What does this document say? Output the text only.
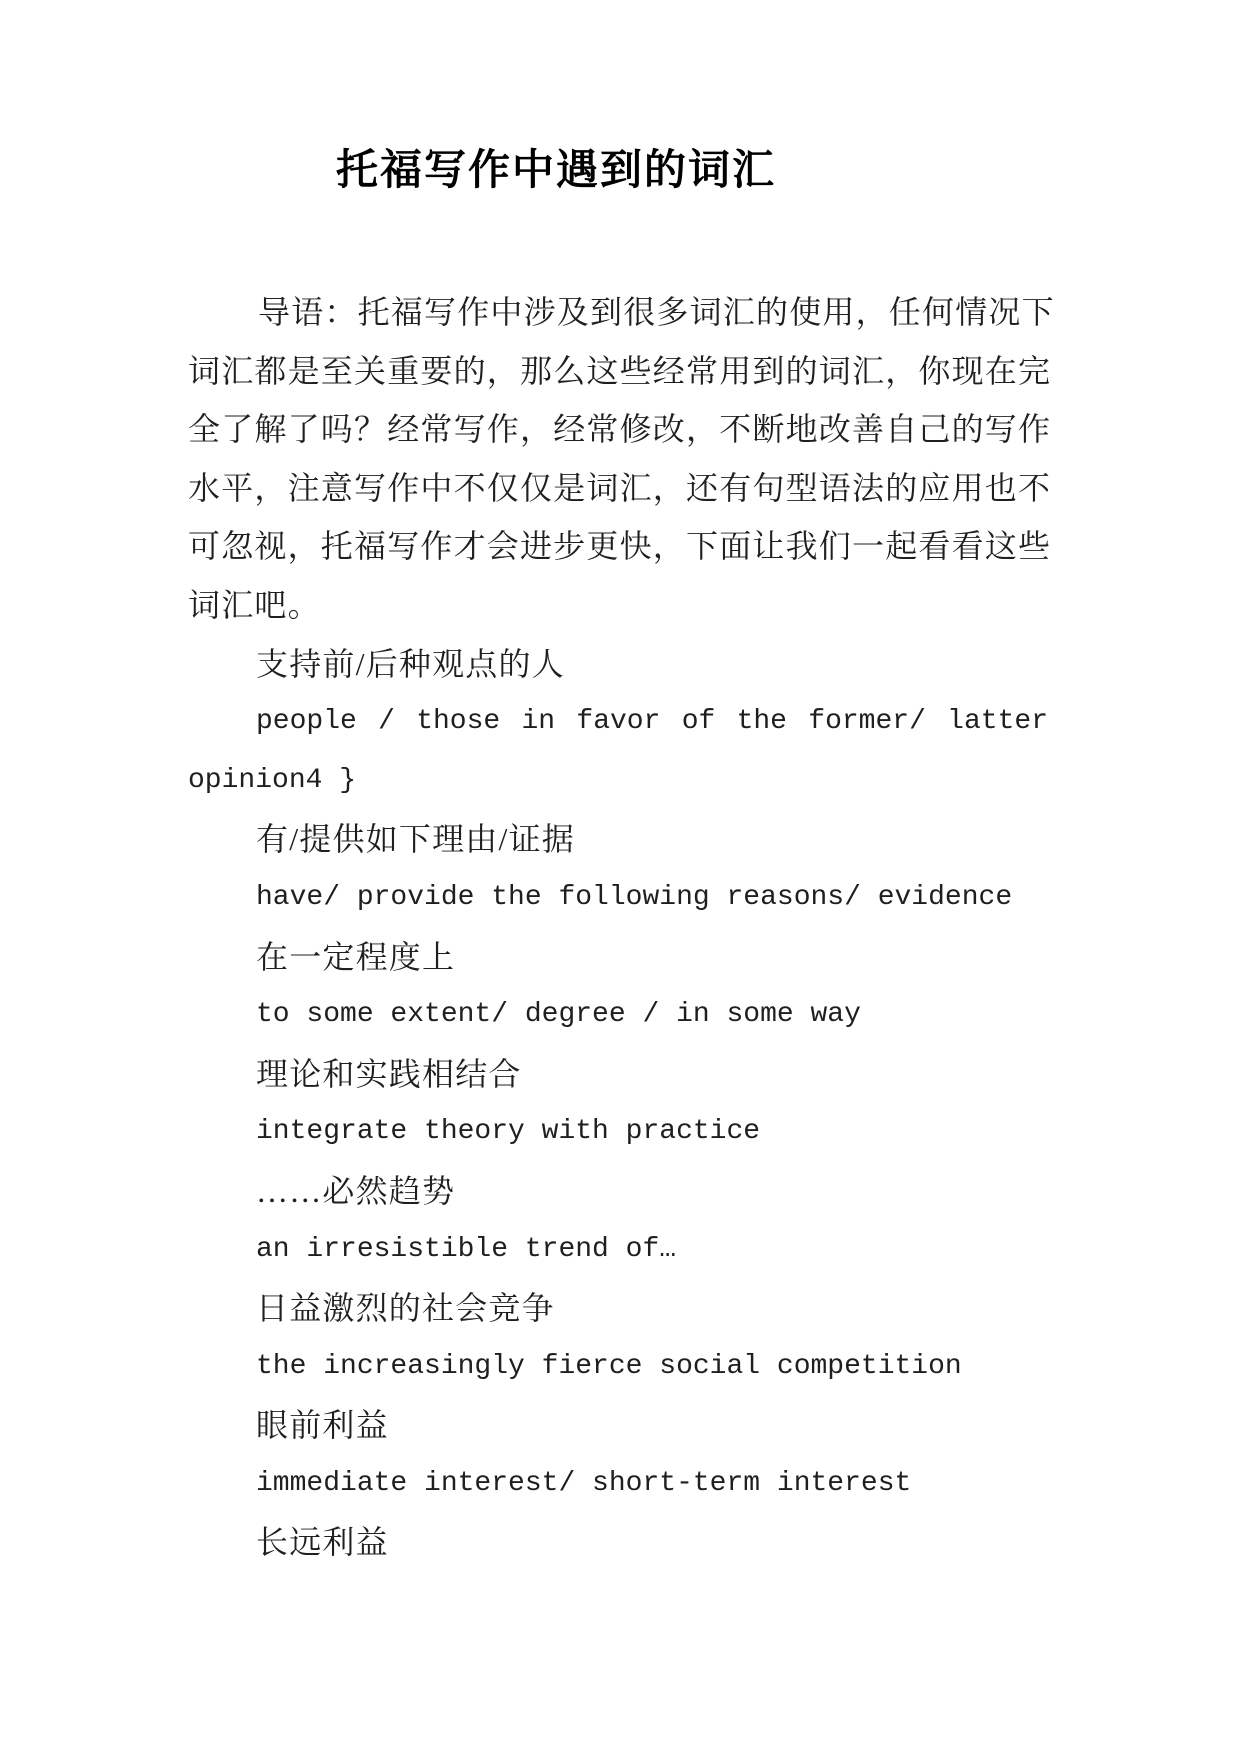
托福写作中遇到的词汇
导语：托福写作中涉及到很多词汇的使用，任何情况下
词汇都是至关重要的，那么这些经常用到的词汇，你现在完
全了解了吗？经常写作，经常修改，不断地改善自己的写作
水平，注意写作中不仅仅是词汇，还有句型语法的应用也不
可忽视，托福写作才会进步更快，下面让我们一起看看这些
词汇吧。
支持前/后种观点的人
people / those in favor of the former/ latter
opinion4 }
有/提供如下理由/证据
have/ provide the following reasons/ evidence
在一定程度上
to some extent/ degree / in some way
理论和实践相结合
integrate theory with practice
……必然趋势
an irresistible trend of…
日益激烈的社会竞争
the increasingly fierce social competition
眼前利益
immediate interest/ short-term interest
长远利益
